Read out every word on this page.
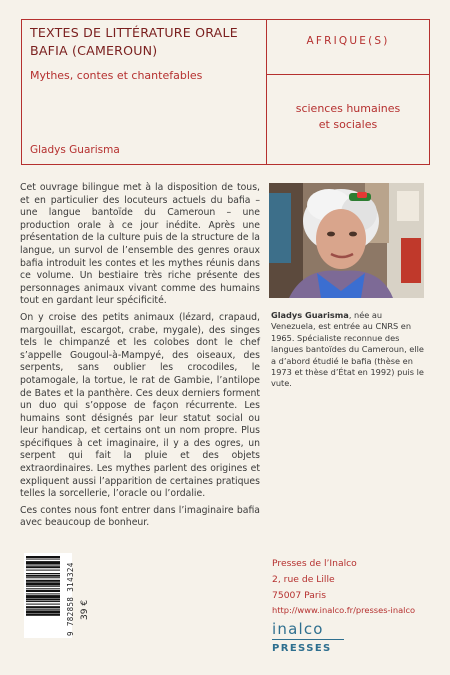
TEXTES DE LITTÉRATURE ORALE
BAFIA (CAMEROUN)
Mythes, contes et chantefables
Gladys Guarisma
AFRIQUE(S)
sciences humaines et sociales

Cet ouvrage bilingue met à la disposition de tous, et en particulier des locuteurs actuels du bafia – une langue bantoïde du Cameroun – une production orale à ce jour inédite. Après une présentation de la culture puis de la structure de la langue, un survol de l’ensemble des genres oraux bafia introduit les contes et les mythes réunis dans ce volume. Un bestiaire très riche présente des personnages animaux vivant comme des humains tout en gardant leur spécificité.

On y croise des petits animaux (lézard, crapaud, margouillat, escargot, crabe, mygale), des singes tels le chimpanzé et les colobes dont le chef s’appelle Gougoul-à-Mampyé, des oiseaux, des serpents, sans oublier les crocodiles, le potamogale, la tortue, le rat de Gambie, l’antilope de Bates et la panthère. Ces deux derniers forment un duo qui s’oppose de façon récurrente. Les humains sont désignés par leur statut social ou leur handicap, et certains ont un nom propre. Plus spécifiques à cet imaginaire, il y a des ogres, un serpent qui fait la pluie et des objets extraordinaires. Les mythes parlent des origines et expliquent aussi l’apparition de certaines pratiques telles la sorcellerie, l’oracle ou l’ordalie.

Ces contes nous font entrer dans l’imaginaire bafia avec beaucoup de bonheur.

Gladys Guarisma, née au Venezuela, est entrée au CNRS en 1965. Spécialiste reconnue des langues bantoïdes du Cameroun, elle a d’abord étudié le bafia (thèse en 1973 et thèse d’État en 1992) puis le vute.
9 782858 314324 39 €
Presses de l’Inalco
2, rue de Lille
75007 Paris
http://www.inalco.fr/presses-inalco
inalco
PRESSES
